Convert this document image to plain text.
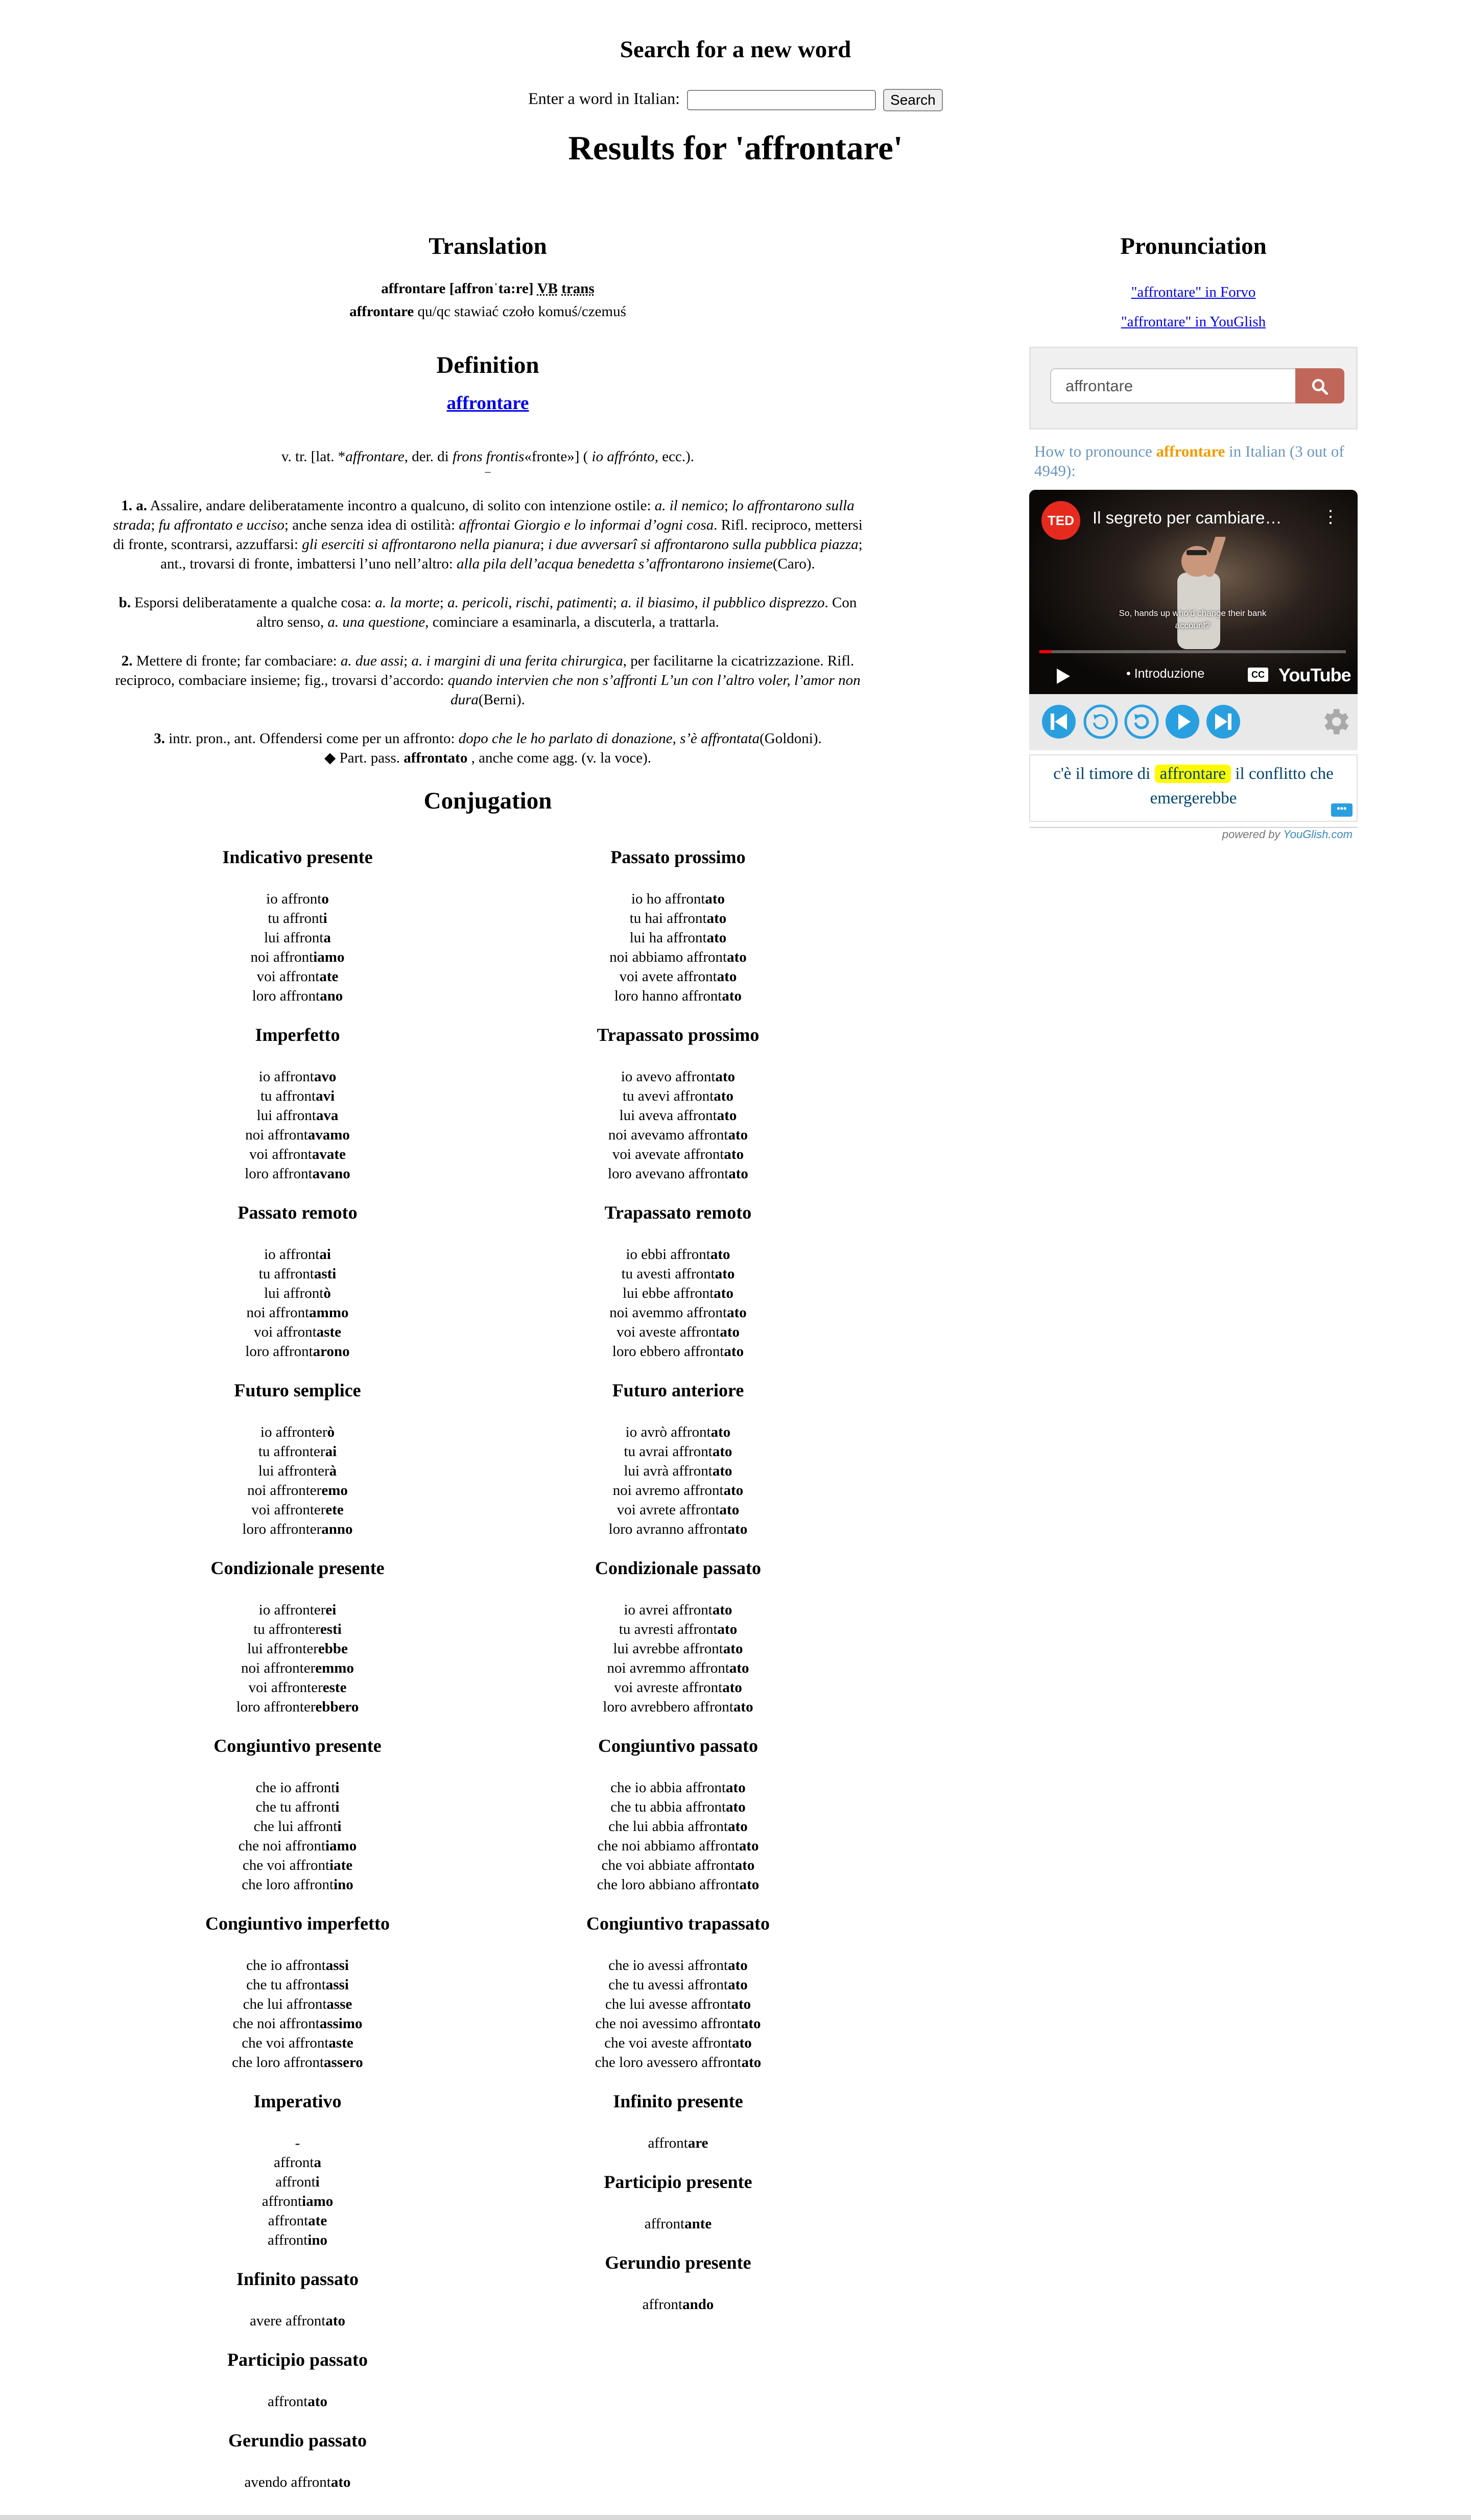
Search for a new word
Enter a word in Italian:	Search
Results for 'affrontare'
Translation
affrontare [affronˈta:re] VB trans
affrontare qu/qc stawiać czoło komuś/czemuś
Definition
affrontare

v. tr. [lat. *affrontare, der. di frons frontis«fronte»] ( io affrónto, ecc.).

–

1. a. Assalire, andare deliberatamente incontro a qualcuno, di solito con intenzione ostile: a. il nemico; lo affrontarono sulla strada; fu affrontato e ucciso; anche senza idea di ostilità: affrontai Giorgio e lo informai d’ogni cosa. Rifl. reciproco, mettersi di fronte, scontrarsi, azzuffarsi: gli eserciti si affrontarono nella pianura; i due avversarî si affrontarono sulla pubblica piazza; ant., trovarsi di fronte, imbattersi l’uno nell’altro: alla pila dell’acqua benedetta s’affrontarono insieme(Caro).

b. Esporsi deliberatamente a qualche cosa: a. la morte; a. pericoli, rischi, patimenti; a. il biasimo, il pubblico disprezzo. Con altro senso, a. una questione, cominciare a esaminarla, a discuterla, a trattarla.

2. Mettere di fronte; far combaciare: a. due assi; a. i margini di una ferita chirurgica, per facilitarne la cicatrizzazione. Rifl. reciproco, combaciare insieme; fig., trovarsi d’accordo: quando intervien che non s’affronti L’un con l’altro voler, l’amor non dura(Berni).

3. intr. pron., ant. Offendersi come per un affronto: dopo che le ho parlato di donazione, s’è affrontata(Goldoni).

◆ Part. pass. affrontato , anche come agg. (v. la voce).

Conjugation
Indicativo presente
io affronto
tu affronti
lui affronta
noi affrontiamo
voi affrontate
loro affrontano
Imperfetto
io affrontavo
tu affrontavi
lui affrontava
noi affrontavamo
voi affrontavate
loro affrontavano
Passato remoto
io affrontai
tu affrontasti
lui affrontò
noi affrontammo
voi affrontaste
loro affrontarono
Futuro semplice
io affronterò
tu affronterai
lui affronterà
noi affronteremo
voi affronterete
loro affronteranno
Condizionale presente
io affronterei
tu affronteresti
lui affronterebbe
noi affronteremmo
voi affrontereste
loro affronterebbero
Congiuntivo presente
che io affronti
che tu affronti
che lui affronti
che noi affrontiamo
che voi affrontiate
che loro affrontino
Congiuntivo imperfetto
che io affrontassi
che tu affrontassi
che lui affrontasse
che noi affrontassimo
che voi affrontaste
che loro affrontassero
Imperativo
-
affronta
affronti
affrontiamo
affrontate
affrontino
Infinito passato
avere affrontato
Participio passato
affrontato
Gerundio passato
avendo affrontato
Passato prossimo
io ho affrontato
tu hai affrontato
lui ha affrontato
noi abbiamo affrontato
voi avete affrontato
loro hanno affrontato
Trapassato prossimo
io avevo affrontato
tu avevi affrontato
lui aveva affrontato
noi avevamo affrontato
voi avevate affrontato
loro avevano affrontato
Trapassato remoto
io ebbi affrontato
tu avesti affrontato
lui ebbe affrontato
noi avemmo affrontato
voi aveste affrontato
loro ebbero affrontato
Futuro anteriore
io avrò affrontato
tu avrai affrontato
lui avrà affrontato
noi avremo affrontato
voi avrete affrontato
loro avranno affrontato
Condizionale passato
io avrei affrontato
tu avresti affrontato
lui avrebbe affrontato
noi avremmo affrontato
voi avreste affrontato
loro avrebbero affrontato
Congiuntivo passato
che io abbia affrontato
che tu abbia affrontato
che lui abbia affrontato
che noi abbiamo affrontato
che voi abbiate affrontato
che loro abbiano affrontato
Congiuntivo trapassato
che io avessi affrontato
che tu avessi affrontato
che lui avesse affrontato
che noi avessimo affrontato
che voi aveste affrontato
che loro avessero affrontato
Infinito presente
affrontare
Participio presente
affrontante
Gerundio presente
affrontando
Pronunciation
"affrontare" in Forvo
"affrontare" in YouGlish
affrontare
How to pronounce affrontare in Italian (3 out of 4949):
TED	Il segreto per cambiare… ⋮
So, hands up who'd change their bank account?
• Introduzione	CC YouTube
c'è il timore di affrontare il conflitto che emergerebbe
•••
powered by YouGlish.com
